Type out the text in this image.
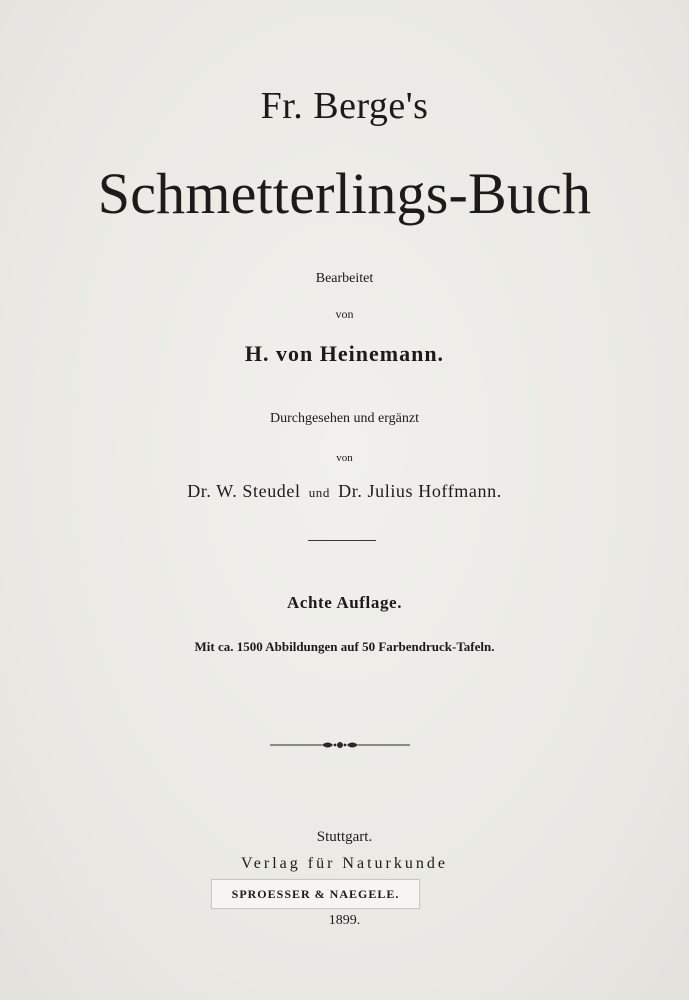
Fr. Berge's
Schmetterlings-Buch
Bearbeitet
von
H. von Heinemann.
Durchgesehen und ergänzt
von
Dr. W. Steudel und Dr. Julius Hoffmann.
Achte Auflage.
Mit ca. 1500 Abbildungen auf 50 Farbendruck-Tafeln.
Stuttgart.
Verlag für Naturkunde
SPROESSER & NAEGELE.
1899.
